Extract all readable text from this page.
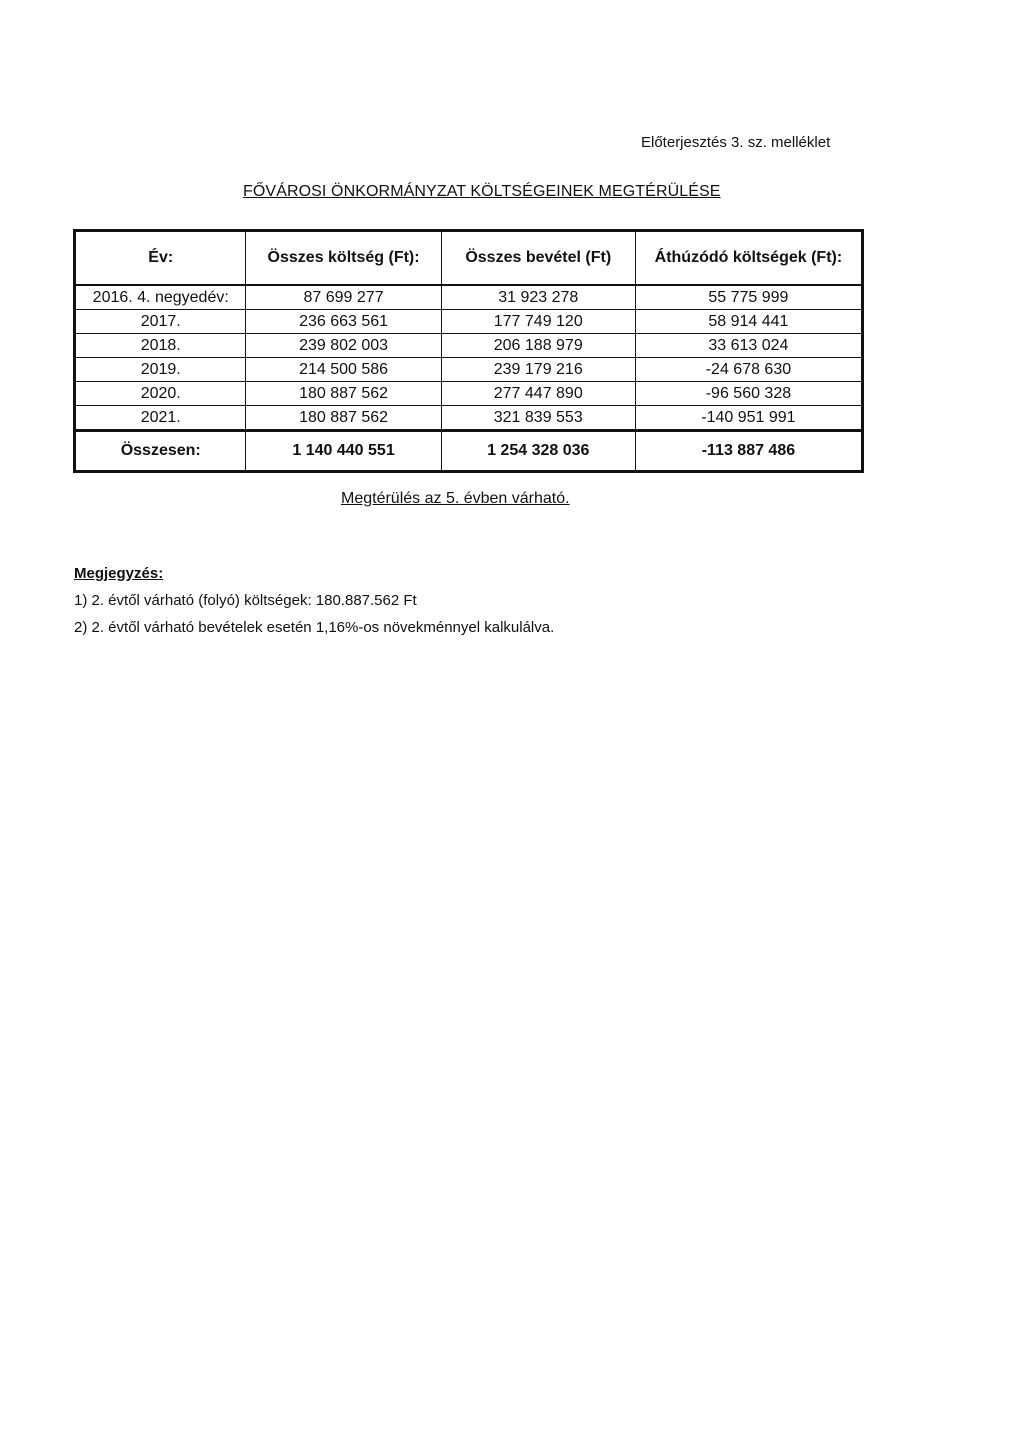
Előterjesztés 3. sz. melléklet
FŐVÁROSI ÖNKORMÁNYZAT KÖLTSÉGEINEK MEGTÉRÜLÉSE
Év:	Összes költség (Ft):	Összes bevétel (Ft)	Áthúzódó költségek (Ft):
2016. 4. negyedév:	87 699 277	31 923 278	55 775 999
2017.	236 663 561	177 749 120	58 914 441
2018.	239 802 003	206 188 979	33 613 024
2019.	214 500 586	239 179 216	-24 678 630
2020.	180 887 562	277 447 890	-96 560 328
2021.	180 887 562	321 839 553	-140 951 991
Összesen:	1 140 440 551	1 254 328 036	-113 887 486
Megtérülés az 5. évben várható.
Megjegyzés:
1) 2. évtől várható (folyó) költségek: 180.887.562 Ft
2) 2. évtől várható bevételek esetén 1,16%-os növekménnyel kalkulálva.
